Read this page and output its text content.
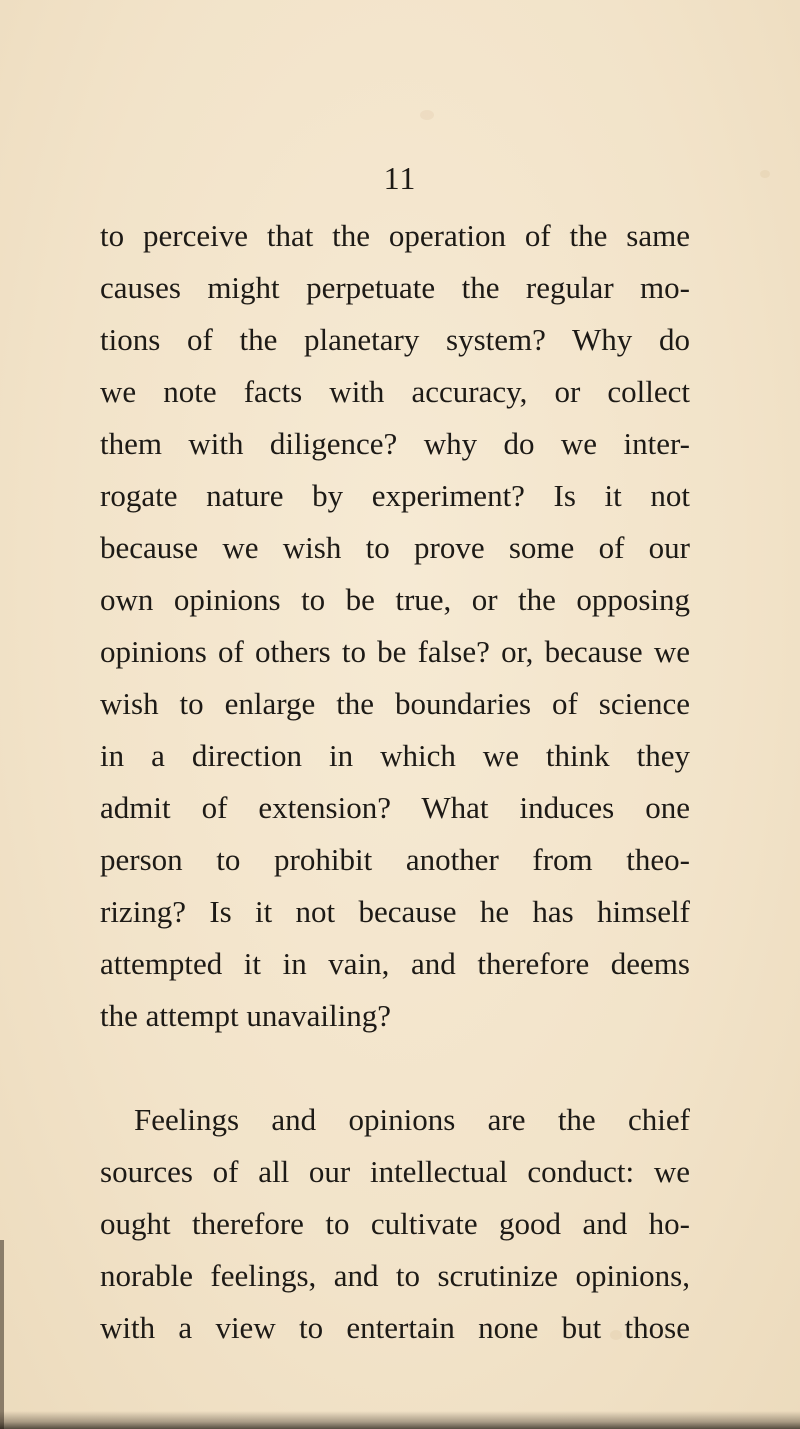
11
to perceive that the operation of the same
causes might perpetuate the regular mo-
tions of the planetary system? Why do
we note facts with accuracy, or collect
them with diligence? why do we inter-
rogate nature by experiment? Is it not
because we wish to prove some of our
own opinions to be true, or the opposing
opinions of others to be false? or, because we
wish to enlarge the boundaries of science
in a direction in which we think they
admit of extension? What induces one
person to prohibit another from theo-
rizing? Is it not because he has himself
attempted it in vain, and therefore deems
the attempt unavailing?
Feelings and opinions are the chief
sources of all our intellectual conduct: we
ought therefore to cultivate good and ho-
norable feelings, and to scrutinize opinions,
with a view to entertain none but those
